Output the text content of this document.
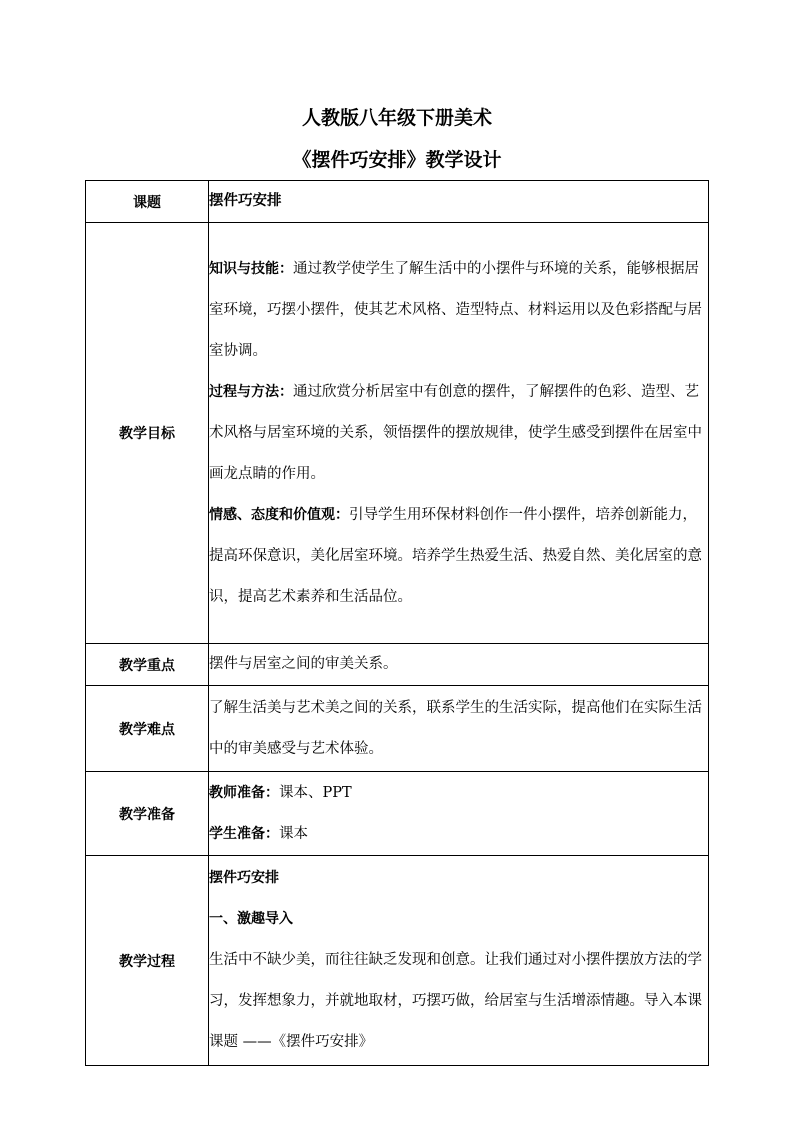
人教版八年级下册美术
《摆件巧安排》教学设计
课题	摆件巧安排
教学目标	知识与技能：通过教学使学生了解生活中的小摆件与环境的关系，能够根据居室环境，巧摆小摆件，使其艺术风格、造型特点、材料运用以及色彩搭配与居室协调。

过程与方法：通过欣赏分析居室中有创意的摆件，了解摆件的色彩、造型、艺术风格与居室环境的关系，领悟摆件的摆放规律，使学生感受到摆件在居室中画龙点睛的作用。

情感、态度和价值观：引导学生用环保材料创作一件小摆件，培养创新能力，提高环保意识，美化居室环境。培养学生热爱生活、热爱自然、美化居室的意识，提高艺术素养和生活品位。

教学重点	摆件与居室之间的审美关系。
教学难点	了解生活美与艺术美之间的关系，联系学生的生活实际，提高他们在实际生活中的审美感受与艺术体验。
教学准备	教师准备：课本、PPT

学生准备：课本

教学过程	摆件巧安排

一、激趣导入

生活中不缺少美，而往往缺乏发现和创意。让我们通过对小摆件摆放方法的学习，发挥想象力，并就地取材，巧摆巧做，给居室与生活增添情趣。导入本课课题 ——《摆件巧安排》
